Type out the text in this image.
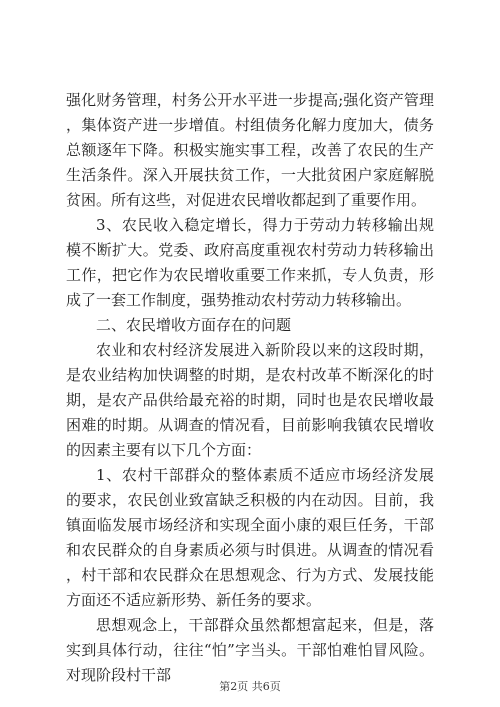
强化财务管理，村务公开水平进一步提高;强化资产管理，集体资产进一步增值。村组债务化解力度加大，债务总额逐年下降。积极实施实事工程，改善了农民的生产生活条件。深入开展扶贫工作，一大批贫困户家庭解脱贫困。所有这些，对促进农民增收都起到了重要作用。

3、农民收入稳定增长，得力于劳动力转移输出规模不断扩大。党委、政府高度重视农村劳动力转移输出工作，把它作为农民增收重要工作来抓，专人负责，形成了一套工作制度，强势推动农村劳动力转移输出。

二、农民增收方面存在的问题

农业和农村经济发展进入新阶段以来的这段时期，是农业结构加快调整的时期，是农村改革不断深化的时期，是农产品供给最充裕的时期，同时也是农民增收最困难的时期。从调查的情况看，目前影响我镇农民增收的因素主要有以下几个方面：

1、农村干部群众的整体素质不适应市场经济发展的要求，农民创业致富缺乏积极的内在动因。目前，我镇面临发展市场经济和实现全面小康的艰巨任务，干部和农民群众的自身素质必须与时俱进。从调查的情况看，村干部和农民群众在思想观念、行为方式、发展技能方面还不适应新形势、新任务的要求。

思想观念上，干部群众虽然都想富起来，但是，落实到具体行动，往往“怕”字当头。干部怕难怕冒风险。对现阶段村干部

第2页 共6页
